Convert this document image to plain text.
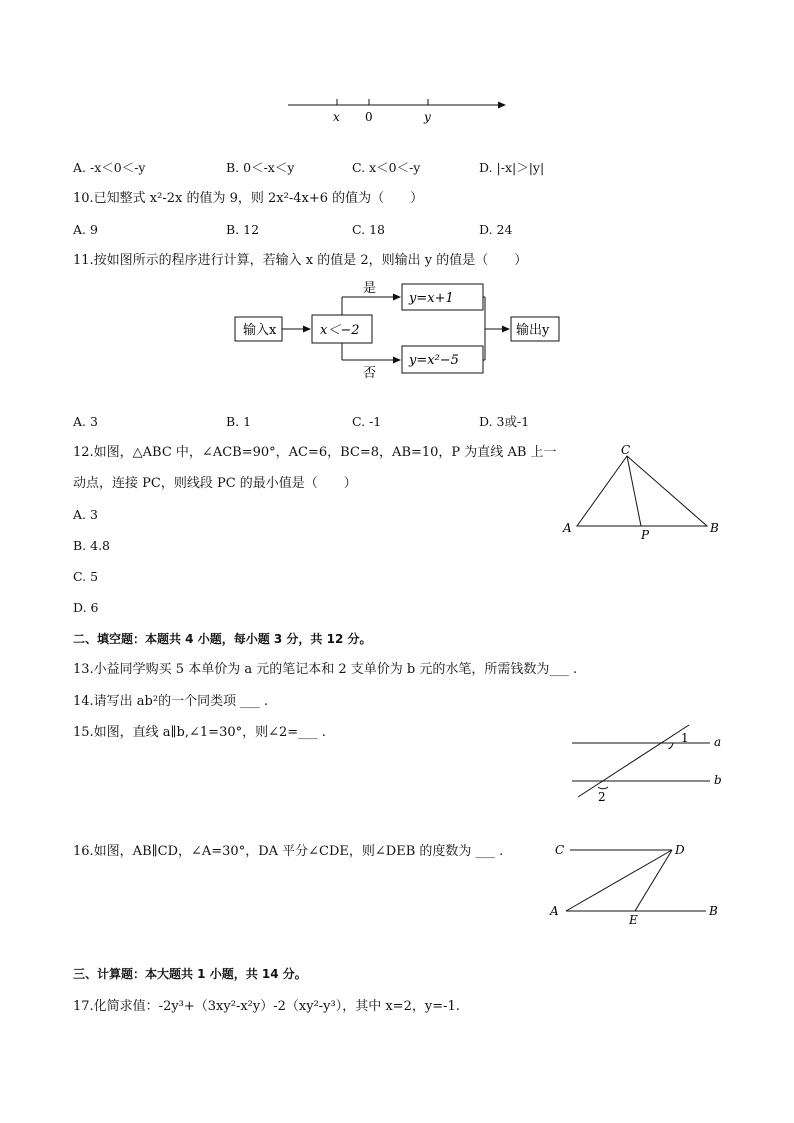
x 0	y
A. -x＜0＜-y	B. 0＜-x＜y	C. x＜0＜-y	D. |-x|＞|y|
10.已知整式 x²-2x 的值为 9，则 2x²-4x+6 的值为（　　）
A. 9	B. 12	C. 18	D. 24
11.按如图所示的程序进行计算，若输入 x 的值是 2，则输出 y 的值是（　　）
输入x	x＜−2
是
否
y=x+1
y=x²−5
输出y
A. 3	B. 1	C. -1	D. 3或-1
12.如图，△ABC 中，∠ACB=90°，AC=6，BC=8，AB=10，P 为直线 AB 上一
动点，连接 PC，则线段 PC 的最小值是（　　）
A. 3
B. 4.8
C. 5
D. 6
C
A	P	B
二、填空题：本题共 4 小题，每小题 3 分，共 12 分。
13.小益同学购买 5 本单价为 a 元的笔记本和 2 支单价为 b 元的水笔，所需钱数为___ .
14.请写出 ab²的一个同类项 ___ .
15.如图，直线 a∥b,∠1=30°，则∠2=___ .	1
2
a
b
16.如图，AB∥CD，∠A=30°，DA 平分∠CDE，则∠DEB 的度数为 ___ .	C	D
A
E
B
三、计算题：本大题共 1 小题，共 14 分。
17.化简求值：-2y³+（3xy²-x²y）-2（xy²-y³），其中 x=2，y=-1.
